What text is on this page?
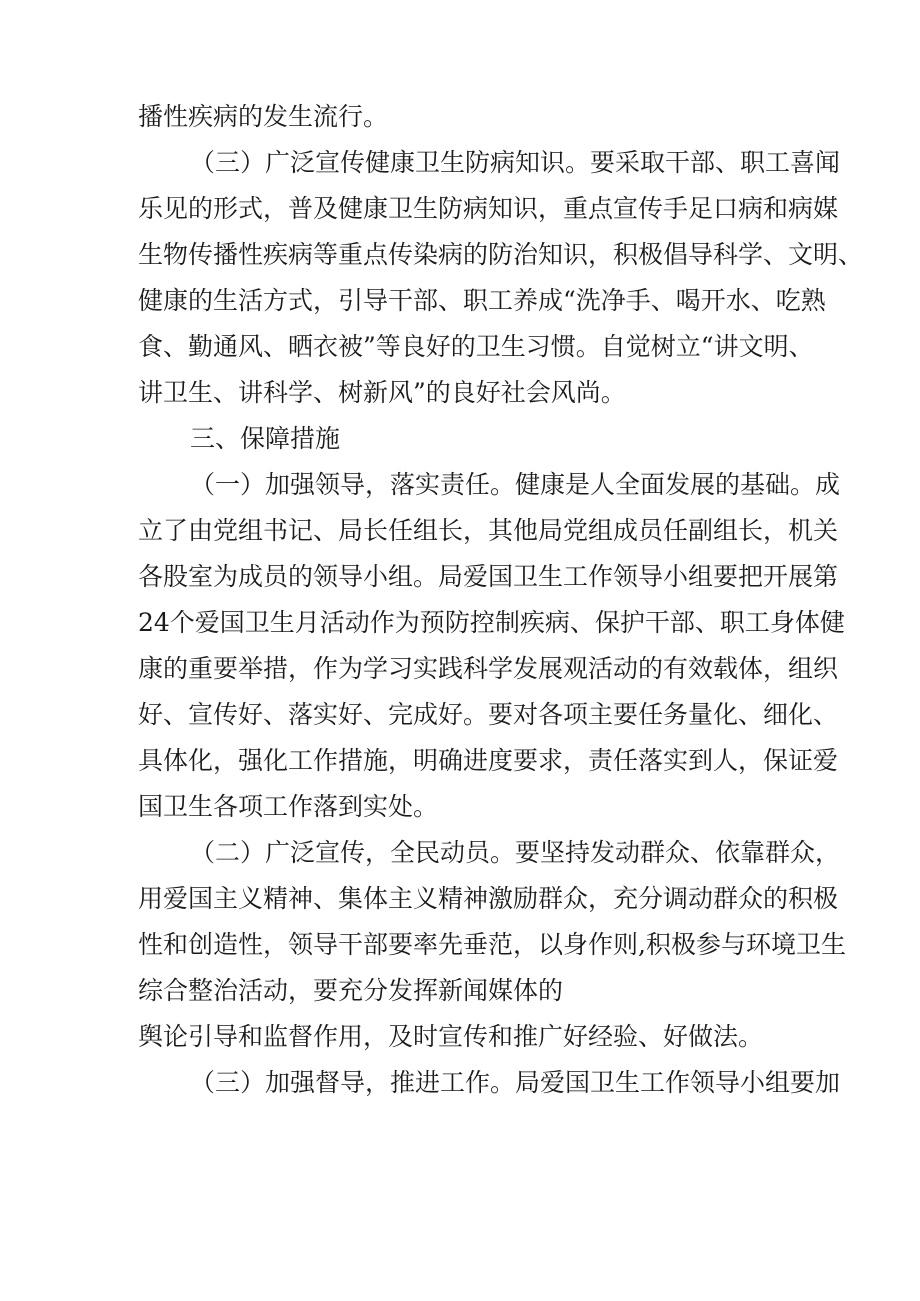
播性疾病的发生流行。

（三）广泛宣传健康卫生防病知识。要采取干部、职工喜闻

乐见的形式，普及健康卫生防病知识，重点宣传手足口病和病媒

生物传播性疾病等重点传染病的防治知识，积极倡导科学、文明、

健康的生活方式，引导干部、职工养成“洗净手、喝开水、吃熟

食、勤通风、晒衣被”等良好的卫生习惯。自觉树立“讲文明、

讲卫生、讲科学、树新风”的良好社会风尚。

三、保障措施

（一）加强领导，落实责任。健康是人全面发展的基础。成

立了由党组书记、局长任组长，其他局党组成员任副组长，机关

各股室为成员的领导小组。局爱国卫生工作领导小组要把开展第

24个爱国卫生月活动作为预防控制疾病、保护干部、职工身体健

康的重要举措，作为学习实践科学发展观活动的有效载体，组织

好、宣传好、落实好、完成好。要对各项主要任务量化、细化、

具体化，强化工作措施，明确进度要求，责任落实到人，保证爱

国卫生各项工作落到实处。

（二）广泛宣传，全民动员。要坚持发动群众、依靠群众，

用爱国主义精神、集体主义精神激励群众，充分调动群众的积极

性和创造性，领导干部要率先垂范，以身作则,积极参与环境卫生

综合整治活动，要充分发挥新闻媒体的

舆论引导和监督作用，及时宣传和推广好经验、好做法。

（三）加强督导，推进工作。局爱国卫生工作领导小组要加
